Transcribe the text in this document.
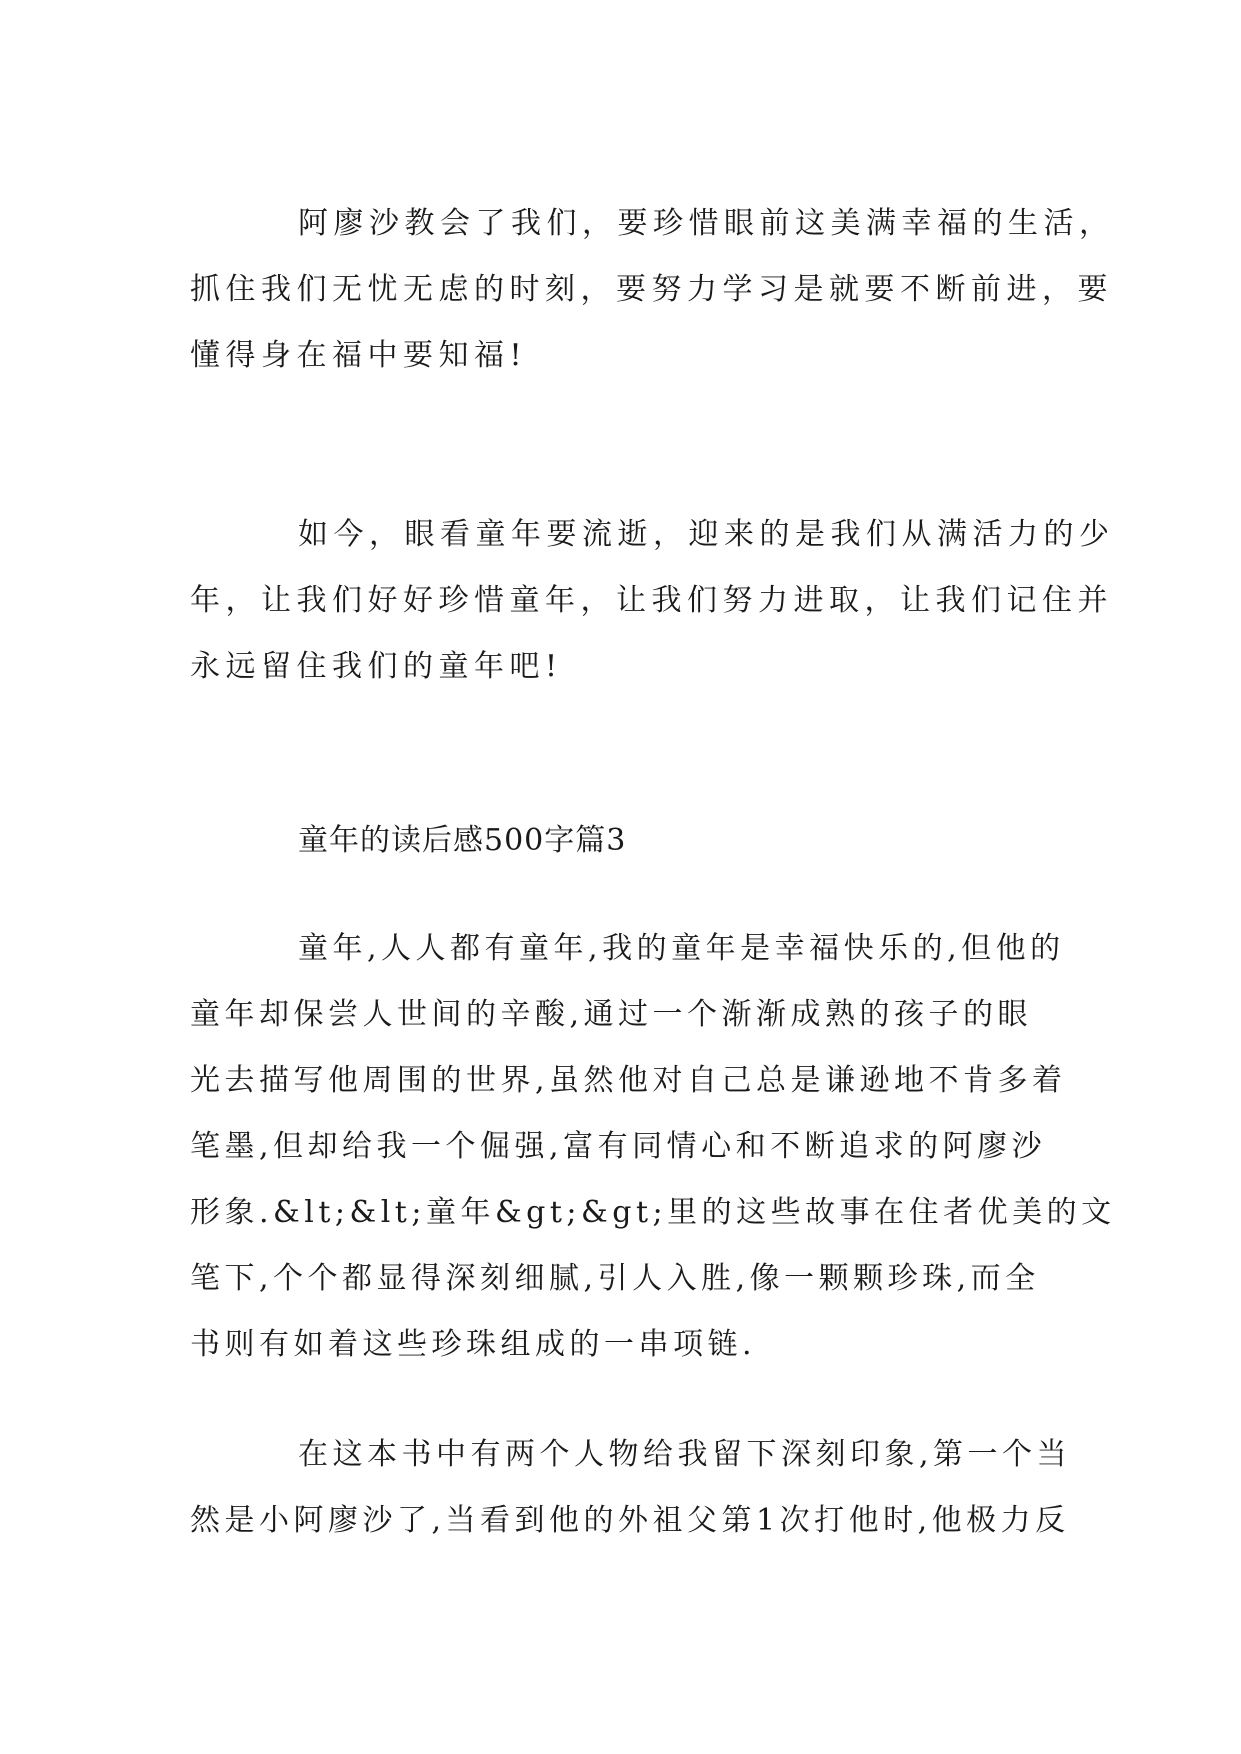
阿廖沙教会了我们，要珍惜眼前这美满幸福的生活，
抓住我们无忧无虑的时刻，要努力学习是就要不断前进，要
懂得身在福中要知福!
如今，眼看童年要流逝，迎来的是我们从满活力的少
年，让我们好好珍惜童年，让我们努力进取，让我们记住并
永远留住我们的童年吧!
童年的读后感500字篇3
童年,人人都有童年,我的童年是幸福快乐的,但他的
童年却保尝人世间的辛酸,通过一个渐渐成熟的孩子的眼
光去描写他周围的世界,虽然他对自己总是谦逊地不肯多着
笔墨,但却给我一个倔强,富有同情心和不断追求的阿廖沙
形象.&lt;&lt;童年&gt;&gt;里的这些故事在住者优美的文
笔下,个个都显得深刻细腻,引人入胜,像一颗颗珍珠,而全
书则有如着这些珍珠组成的一串项链.
在这本书中有两个人物给我留下深刻印象,第一个当
然是小阿廖沙了,当看到他的外祖父第1次打他时,他极力反
